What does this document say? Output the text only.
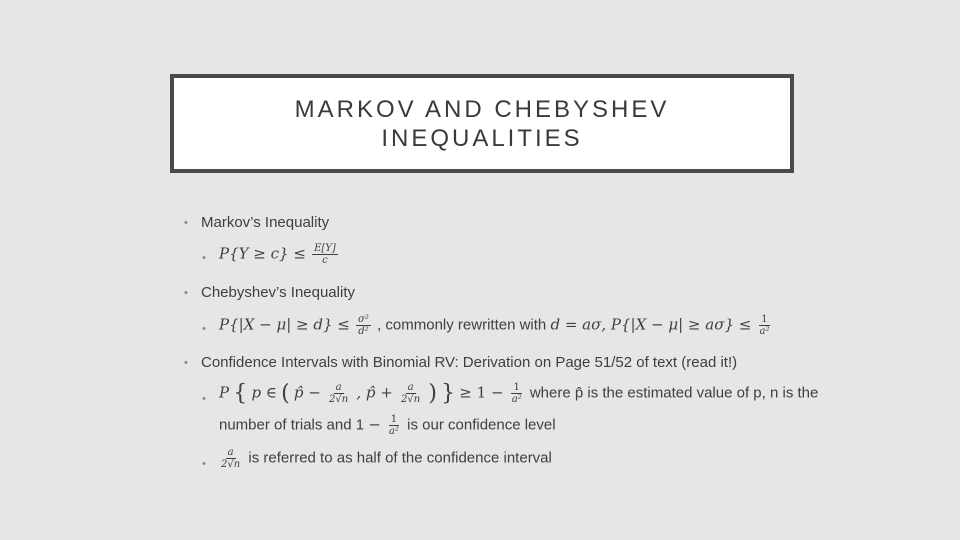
MARKOV AND CHEBYSHEV
INEQUALITIES
• Markov’s Inequality
• $P\{Y \ge c\} \le \frac{E[Y]}{c}$
• Chebyshev’s Inequality
• $P\{|X - \mu| \ge d\} \le \frac{\text{σ²}}{\text{d²}}$ , commonly rewritten with d = aσ, $P\{|X - \mu| \ge a\sigma\} \le \frac{1}{\text{a²}}$
• Confidence Intervals with Binomial RV: Derivation on Page 51/52 of text (read it!)
• P { p ∈ ( p̂ − $\frac{a}{2√n}$ , p̂ + $\frac{a}{2√n}$ ) } ≥ $1 - \frac{1}{\text{a²}}$ where p̂ is the estimated value of p, n is the
number of trials and $1 - \frac{1}{\text{a²}}$ is our confidence level
• $\frac{a}{2√n}$ is referred to as half of the confidence interval
